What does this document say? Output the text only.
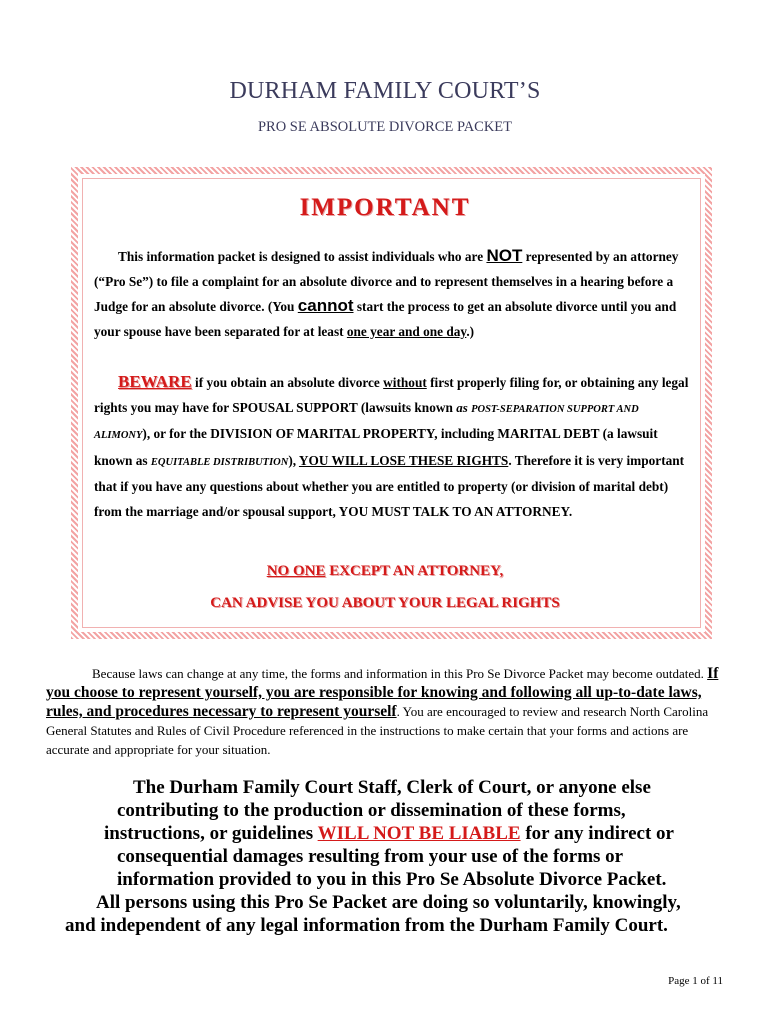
DURHAM FAMILY COURT’S
PRO SE ABSOLUTE DIVORCE PACKET
IMPORTANT

This information packet is designed to assist individuals who are NOT represented by an attorney (“Pro Se”) to file a complaint for an absolute divorce and to represent themselves in a hearing before a Judge for an absolute divorce. (You cannot start the process to get an absolute divorce until you and your spouse have been separated for at least one year and one day.)

BEWARE if you obtain an absolute divorce without first properly filing for, or obtaining any legal rights you may have for SPOUSAL SUPPORT (lawsuits known as POST-SEPARATION SUPPORT AND ALIMONY), or for the DIVISION OF MARITAL PROPERTY, including MARITAL DEBT (a lawsuit known as EQUITABLE DISTRIBUTION), YOU WILL LOSE THESE RIGHTS. Therefore it is very important that if you have any questions about whether you are entitled to property (or division of marital debt) from the marriage and/or spousal support, YOU MUST TALK TO AN ATTORNEY.

NO ONE EXCEPT AN ATTORNEY,
CAN ADVISE YOU ABOUT YOUR LEGAL RIGHTS

Because laws can change at any time, the forms and information in this Pro Se Divorce Packet may become outdated. If you choose to represent yourself, you are responsible for knowing and following all up-to-date laws, rules, and procedures necessary to represent yourself. You are encouraged to review and research North Carolina General Statutes and Rules of Civil Procedure referenced in the instructions to make certain that your forms and actions are accurate and appropriate for your situation.

The Durham Family Court Staff, Clerk of Court, or anyone else
contributing to the production or dissemination of these forms,
instructions, or guidelines WILL NOT BE LIABLE for any indirect or
consequential damages resulting from your use of the forms or
information provided to you in this Pro Se Absolute Divorce Packet.
All persons using this Pro Se Packet are doing so voluntarily, knowingly,
and independent of any legal information from the Durham Family Court.
Page 1 of 11
